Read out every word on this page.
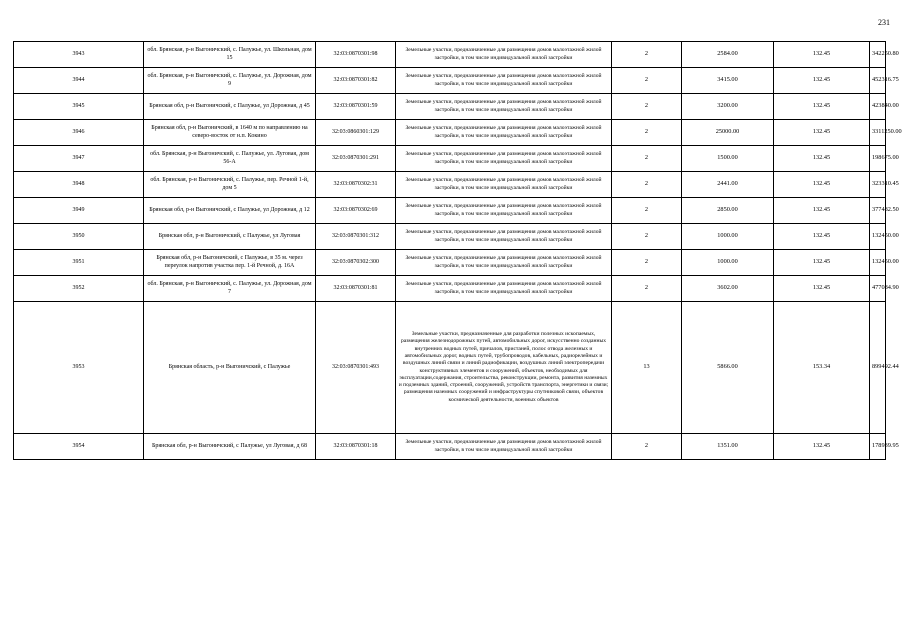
231
3943	обл. Брянская, р-н Выгоничский, с. Палужье, ул. Школьная, дом 15	32:03:0870301:98	Земельные участки, предназначенные для размещения домов малоэтажной жилой застройки, в том числе индивидуальной жилой застройки	2	2584.00	132.45	342250.80
3944	обл. Брянская, р-н Выгоничский, с. Палужье, ул. Дорожная, дом 9	32:03:0870301:82	Земельные участки, предназначенные для размещения домов малоэтажной жилой застройки, в том числе индивидуальной жилой застройки	2	3415.00	132.45	452316.75
3945	Брянская обл, р-н Выгоничский, с Палужье, ул Дорожная, д 45	32:03:0870301:59	Земельные участки, предназначенные для размещения домов малоэтажной жилой застройки, в том числе индивидуальной жилой застройки	2	3200.00	132.45	423840.00
3946	Брянская обл, р-н Выгоничский, в 1640 м по направлению на северо-восток от н.п. Кокино	32:03:0860301:129	Земельные участки, предназначенные для размещения домов малоэтажной жилой застройки, в том числе индивидуальной жилой застройки	2	25000.00	132.45	3311250.00
3947	обл. Брянская, р-н Выгоничский, с. Палужье, ул. Луговая, дом 56-А	32:03:0870301:291	Земельные участки, предназначенные для размещения домов малоэтажной жилой застройки, в том числе индивидуальной жилой застройки	2	1500.00	132.45	198675.00
3948	обл. Брянская, р-н Выгоничский, с. Палужье, пер. Речной 1-й, дом 5	32:03:0870302:31	Земельные участки, предназначенные для размещения домов малоэтажной жилой застройки, в том числе индивидуальной жилой застройки	2	2441.00	132.45	323310.45
3949	Брянская обл, р-н Выгоничский, с Палужье, ул Дорожная, д 12	32:03:0870302:69	Земельные участки, предназначенные для размещения домов малоэтажной жилой застройки, в том числе индивидуальной жилой застройки	2	2850.00	132.45	377482.50
3950	Брянская обл, р-н Выгоничский, с Палужье, ул Луговая	32:03:0870301:312	Земельные участки, предназначенные для размещения домов малоэтажной жилой застройки, в том числе индивидуальной жилой застройки	2	1000.00	132.45	132450.00
3951	Брянская обл, р-н Выгоничский, с Палужье, в 35 м. через переулок напротив участка пер. 1-й Речной, д. 16А	32:03:0870302:300	Земельные участки, предназначенные для размещения домов малоэтажной жилой застройки, в том числе индивидуальной жилой застройки	2	1000.00	132.45	132450.00
3952	обл. Брянская, р-н Выгоничский, с. Палужье, ул. Дорожная, дом 7	32:03:0870301:81	Земельные участки, предназначенные для размещения домов малоэтажной жилой застройки, в том числе индивидуальной жилой застройки	2	3602.00	132.45	477084.90
3953	Брянская область, р-н Выгоничский, с Палужье	32:03:0870301:493	Земельные участки, предназначенные для разработки полезных ископаемых, размещения железнодорожных путей, автомобильных дорог, искусственно созданных внутренних водных путей, причалов, пристаней, полос отвода железных и автомобильных дорог, водных путей, трубопроводов, кабельных, радиорелейных и воздушных линий связи и линий радиофикации, воздушных линий электропередачи конструктивных элементов и сооружений, объектов, необходимых для эксплуатации,содержания, строительства, реконструкции, ремонта, развития наземных и подземных зданий, строений, сооружений, устройств транспорта, энергетики и связи; размещения наземных сооружений и инфраструктуры спутниковой связи, объектов космической деятельности, военных объектов	13	5866.00	153.34	899492.44
3954	Брянская обл, р-н Выгоничский, с Палужье, ул Луговая, д 68	32:03:0870301:18	Земельные участки, предназначенные для размещения домов малоэтажной жилой застройки, в том числе индивидуальной жилой застройки	2	1351.00	132.45	178939.95
